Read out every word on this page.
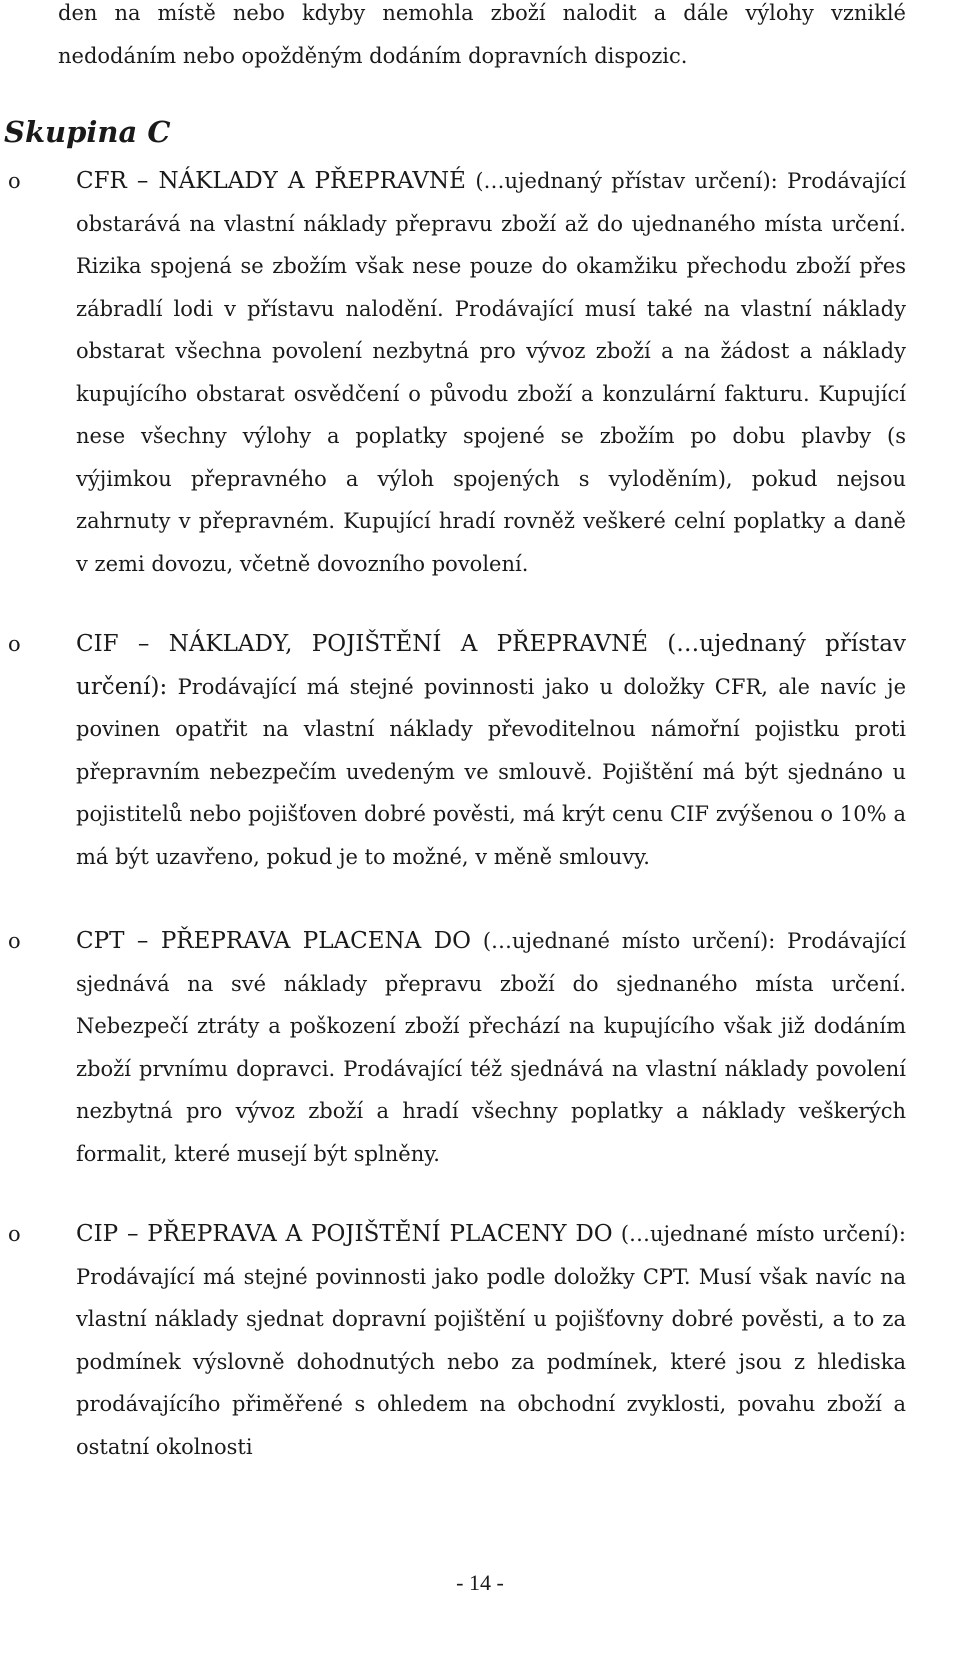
den na místě nebo kdyby nemohla zboží nalodit a dále výlohy vzniklé nedodáním nebo opožděným dodáním dopravních dispozic.

Skupina C
o CFR – NÁKLADY A PŘEPRAVNÉ (…ujednaný přístav určení): Prodávající obstarává na vlastní náklady přepravu zboží až do ujednaného místa určení. Rizika spojená se zbožím však nese pouze do okamžiku přechodu zboží přes zábradlí lodi v přístavu nalodění. Prodávající musí také na vlastní náklady obstarat všechna povolení nezbytná pro vývoz zboží a na žádost a náklady kupujícího obstarat osvědčení o původu zboží a konzulární fakturu. Kupující nese všechny výlohy a poplatky spojené se zbožím po dobu plavby (s výjimkou přepravného a výloh spojených s vyloděním), pokud nejsou zahrnuty v přepravném. Kupující hradí rovněž veškeré celní poplatky a daně v zemi dovozu, včetně dovozního povolení.

o CIF – NÁKLADY, POJIŠTĚNÍ A PŘEPRAVNÉ (…ujednaný přístav určení): Prodávající má stejné povinnosti jako u doložky CFR, ale navíc je povinen opatřit na vlastní náklady převoditelnou námořní pojistku proti přepravním nebezpečím uvedeným ve smlouvě. Pojištění má být sjednáno u pojistitelů nebo pojišťoven dobré pověsti, má krýt cenu CIF zvýšenou o 10% a má být uzavřeno, pokud je to možné, v měně smlouvy.

o CPT – PŘEPRAVA PLACENA DO (…ujednané místo určení): Prodávající sjednává na své náklady přepravu zboží do sjednaného místa určení. Nebezpečí ztráty a poškození zboží přechází na kupujícího však již dodáním zboží prvnímu dopravci. Prodávající též sjednává na vlastní náklady povolení nezbytná pro vývoz zboží a hradí všechny poplatky a náklady veškerých formalit, které musejí být splněny.

o CIP – PŘEPRAVA A POJIŠTĚNÍ PLACENY DO (…ujednané místo určení): Prodávající má stejné povinnosti jako podle doložky CPT. Musí však navíc na vlastní náklady sjednat dopravní pojištění u pojišťovny dobré pověsti, a to za podmínek výslovně dohodnutých nebo za podmínek, které jsou z hlediska prodávajícího přiměřené s ohledem na obchodní zvyklosti, povahu zboží a ostatní okolnosti

- 14 -
